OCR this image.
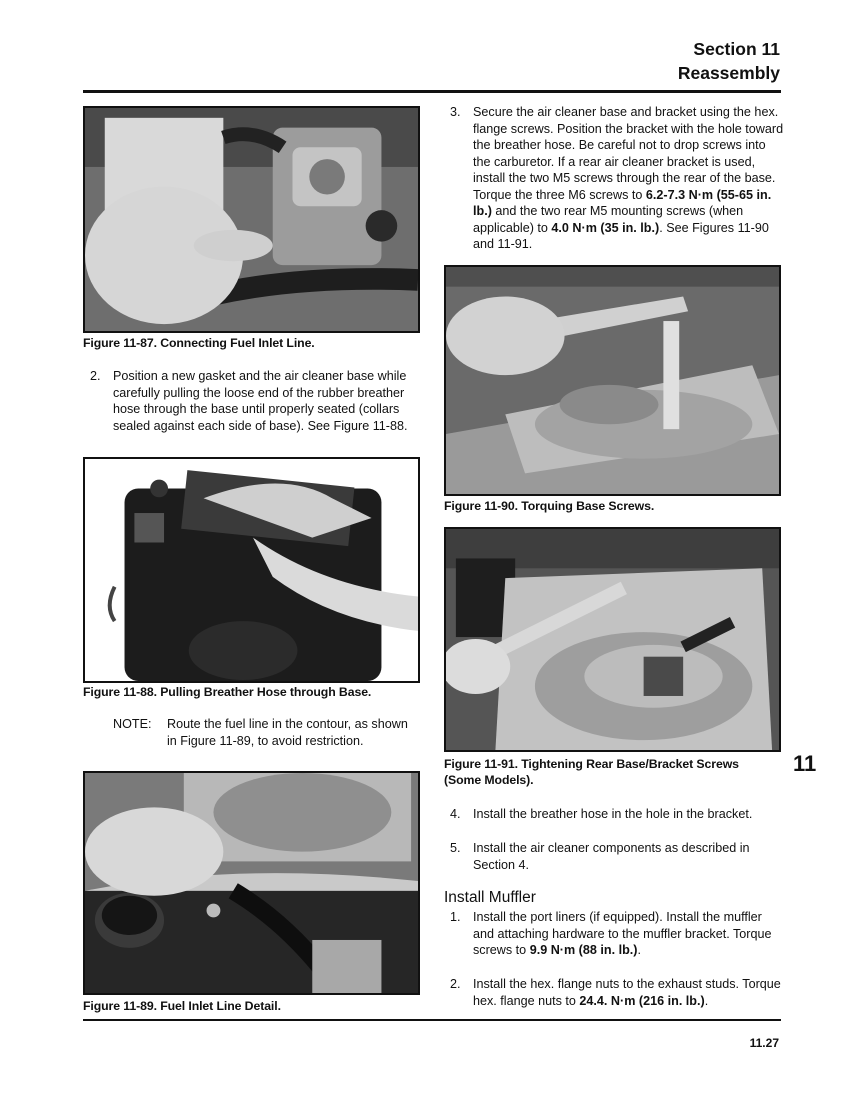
Section 11
Reassembly
Figure 11-87. Connecting Fuel Inlet Line.
2. Position a new gasket and the air cleaner base while carefully pulling the loose end of the rubber breather hose through the base until properly seated (collars sealed against each side of base). See Figure 11-88.
Figure 11-88. Pulling Breather Hose through Base.
NOTE: Route the fuel line in the contour, as shown in Figure 11-89, to avoid restriction.
Figure 11-89. Fuel Inlet Line Detail.
3. Secure the air cleaner base and bracket using the hex. flange screws. Position the bracket with the hole toward the breather hose. Be careful not to drop screws into the carburetor. If a rear air cleaner bracket is used, install the two M5 screws through the rear of the base. Torque the three M6 screws to 6.2-7.3 N·m (55-65 in. lb.) and the two rear M5 mounting screws (when applicable) to 4.0 N·m (35 in. lb.). See Figures 11-90 and 11-91.
Figure 11-90. Torquing Base Screws.
Figure 11-91. Tightening Rear Base/Bracket Screws
(Some Models).
11
4. Install the breather hose in the hole in the bracket.
5. Install the air cleaner components as described in Section 4.
Install Muffler
1. Install the port liners (if equipped). Install the muffler and attaching hardware to the muffler bracket. Torque screws to 9.9 N·m (88 in. lb.).
2. Install the hex. flange nuts to the exhaust studs. Torque hex. flange nuts to 24.4. N·m (216 in. lb.).
11.27
